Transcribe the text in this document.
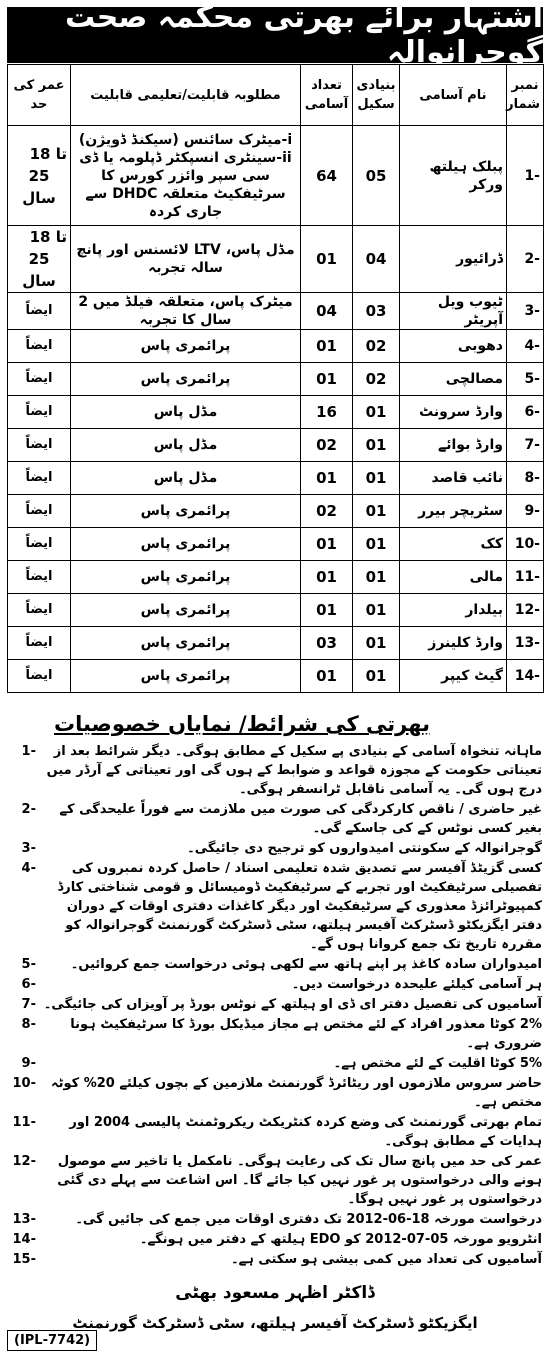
اشتہار برائے بھرتی محکمہ صحت گوجرانوالہ
نمبر شمار	نام آسامی	بنیادی سکیل	تعداد آسامی	مطلوبہ قابلیت/تعلیمی قابلیت	عمر کی حد
1-	پبلک ہیلتھ ورکر	05	64	i-میٹرک سائنس (سیکنڈ ڈویژن)
ii-سینٹری انسپکٹر ڈپلومہ یا ڈی سی سپر وائزر کورس کا
سرٹیفکیٹ متعلقہ DHDC سے جاری کردہ	18 تا
25 سال

2-	ڈرائیور	04	01	مڈل پاس، LTV لائسنس اور پانچ سالہ تجربہ	18 تا
25 سال

3-	ٹیوب ویل آپریٹر	03	04	میٹرک پاس، متعلقہ فیلڈ میں 2 سال کا تجربہ	ایضاً
4-	دھوبی	02	01	پرائمری پاس	ایضاً
5-	مصالچی	02	01	پرائمری پاس	ایضاً
6-	وارڈ سرونٹ	01	16	مڈل پاس	ایضاً
7-	وارڈ بوائے	01	02	مڈل پاس	ایضاً
8-	نائب قاصد	01	01	مڈل پاس	ایضاً
9-	سٹریچر بیرر	01	02	پرائمری پاس	ایضاً
10-	کک	01	01	پرائمری پاس	ایضاً
11-	مالی	01	01	پرائمری پاس	ایضاً
12-	بیلدار	01	01	پرائمری پاس	ایضاً
13-	وارڈ کلینرز	01	03	پرائمری پاس	ایضاً
14-	گیٹ کیپر	01	01	پرائمری پاس	ایضاً
بھرتی کی شرائط/ نمایاں خصوصیات
ماہانہ تنخواہ آسامی کے بنیادی پے سکیل کے مطابق ہوگی۔ دیگر شرائط بعد از تعیناتی حکومت کے مجوزہ قواعد و ضوابط کے ہوں گی اور تعیناتی کے آرڈر میں درج ہوں گی۔ یہ آسامی ناقابل ٹرانسفر ہوگی۔
1-
غیر حاضری / ناقص کارکردگی کی صورت میں ملازمت سے فوراً علیحدگی کے بغیر کسی نوٹس کے کی جاسکے گی۔
2-
گوجرانوالہ کے سکونتی امیدواروں کو ترجیح دی جائیگی۔
3-
کسی گزیٹڈ آفیسر سے تصدیق شدہ تعلیمی اسناد / حاصل کردہ نمبروں کی تفصیلی سرٹیفکیٹ اور تجربے کے سرٹیفکیٹ ڈومیسائل و قومی شناختی کارڈ کمپیوٹرائزڈ معذوری کے سرٹیفکیٹ اور دیگر کاغذات دفتری اوقات کے دوران دفتر ایگزیکٹو ڈسٹرکٹ آفیسر ہیلتھ، سٹی ڈسٹرکٹ گورنمنٹ گوجرانوالہ کو مقررہ تاریخ تک جمع کروانا ہوں گے۔
4-
امیدواران سادہ کاغذ پر اپنے ہاتھ سے لکھی ہوئی درخواست جمع کروائیں۔
5-
ہر آسامی کیلئے علیحدہ درخواست دیں۔
6-
آسامیوں کی تفصیل دفتر ای ڈی او ہیلتھ کے نوٹس بورڈ پر آویزاں کی جائیگی۔
7-
2% کوٹا معذور افراد کے لئے مختص ہے مجاز میڈیکل بورڈ کا سرٹیفکیٹ ہونا ضروری ہے۔
8-
5% کوٹا اقلیت کے لئے مختص ہے۔
9-
حاضر سروس ملازموں اور ریٹائرڈ گورنمنٹ ملازمین کے بچوں کیلئے 20% کوٹہ مختص ہے۔
10-
تمام بھرتی گورنمنٹ کی وضع کردہ کنٹریکٹ ریکروٹمنٹ پالیسی 2004 اور ہدایات کے مطابق ہوگی۔
11-
عمر کی حد میں پانچ سال تک کی رعایت ہوگی۔ نامکمل یا تاخیر سے موصول ہونے والی درخواستوں پر غور نہیں کیا جائے گا۔ اس اشاعت سے پہلے دی گئی درخواستوں پر غور نہیں ہوگا۔
12-
درخواست مورخہ 18-06-2012 تک دفتری اوقات میں جمع کی جائیں گی۔
13-
انٹرویو مورخہ 05-07-2012 کو EDO ہیلتھ کے دفتر میں ہونگے۔
14-
آسامیوں کی تعداد میں کمی بیشی ہو سکتی ہے۔
15-
ڈاکٹر اظہر مسعود بھٹی
ایگزیکٹو ڈسٹرکٹ آفیسر ہیلتھ، سٹی ڈسٹرکٹ گورنمنٹ
(IPL-7742)
